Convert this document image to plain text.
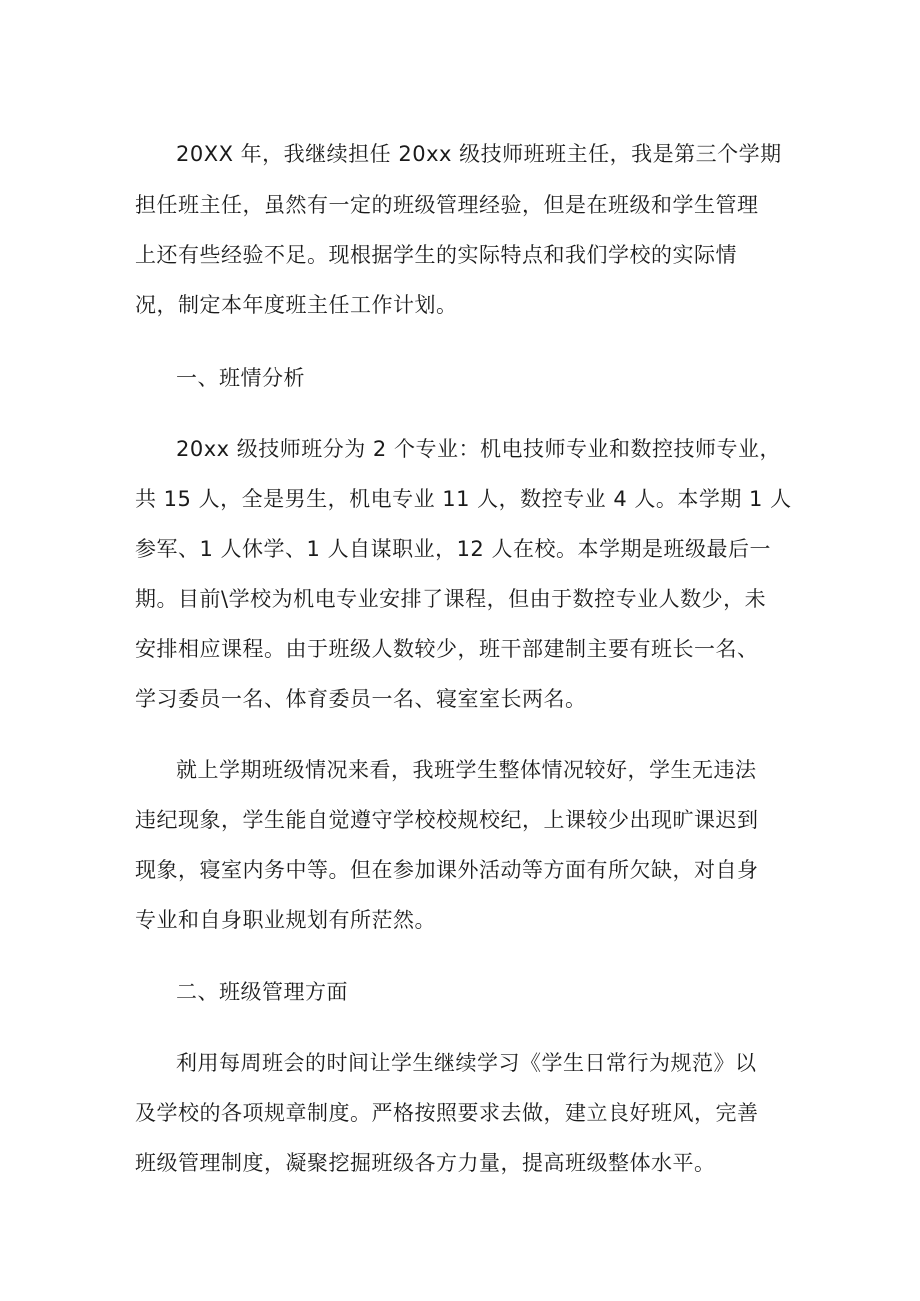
20XX 年，我继续担任 20xx 级技师班班主任，我是第三个学期
担任班主任，虽然有一定的班级管理经验，但是在班级和学生管理
上还有些经验不足。现根据学生的实际特点和我们学校的实际情
况，制定本年度班主任工作计划。
一、班情分析
20xx 级技师班分为 2 个专业：机电技师专业和数控技师专业，
共 15 人，全是男生，机电专业 11 人，数控专业 4 人。本学期 1 人
参军、1 人休学、1 人自谋职业，12 人在校。本学期是班级最后一
期。目前\学校为机电专业安排了课程，但由于数控专业人数少，未
安排相应课程。由于班级人数较少，班干部建制主要有班长一名、
学习委员一名、体育委员一名、寝室室长两名。
就上学期班级情况来看，我班学生整体情况较好，学生无违法
违纪现象，学生能自觉遵守学校校规校纪，上课较少出现旷课迟到
现象，寝室内务中等。但在参加课外活动等方面有所欠缺，对自身
专业和自身职业规划有所茫然。
二、班级管理方面
利用每周班会的时间让学生继续学习《学生日常行为规范》以
及学校的各项规章制度。严格按照要求去做，建立良好班风，完善
班级管理制度，凝聚挖掘班级各方力量，提高班级整体水平。
